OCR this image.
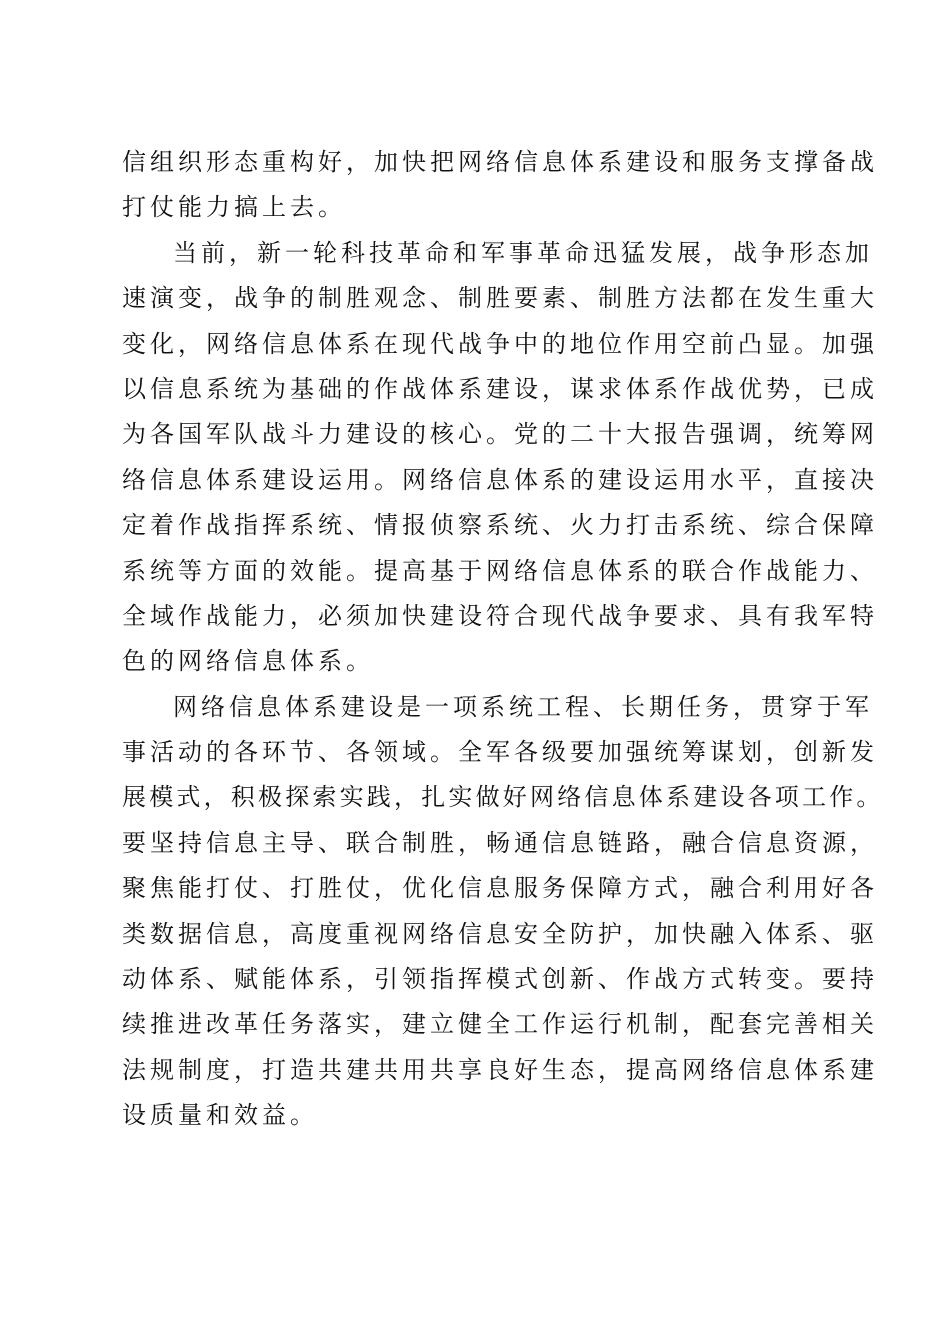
信组织形态重构好，加快把网络信息体系建设和服务支撑备战
打仗能力搞上去。
当前，新一轮科技革命和军事革命迅猛发展，战争形态加
速演变，战争的制胜观念、制胜要素、制胜方法都在发生重大
变化，网络信息体系在现代战争中的地位作用空前凸显。加强
以信息系统为基础的作战体系建设，谋求体系作战优势，已成
为各国军队战斗力建设的核心。党的二十大报告强调，统筹网
络信息体系建设运用。网络信息体系的建设运用水平，直接决
定着作战指挥系统、情报侦察系统、火力打击系统、综合保障
系统等方面的效能。提高基于网络信息体系的联合作战能力、
全域作战能力，必须加快建设符合现代战争要求、具有我军特
色的网络信息体系。
网络信息体系建设是一项系统工程、长期任务，贯穿于军
事活动的各环节、各领域。全军各级要加强统筹谋划，创新发
展模式，积极探索实践，扎实做好网络信息体系建设各项工作。
要坚持信息主导、联合制胜，畅通信息链路，融合信息资源，
聚焦能打仗、打胜仗，优化信息服务保障方式，融合利用好各
类数据信息，高度重视网络信息安全防护，加快融入体系、驱
动体系、赋能体系，引领指挥模式创新、作战方式转变。要持
续推进改革任务落实，建立健全工作运行机制，配套完善相关
法规制度，打造共建共用共享良好生态，提高网络信息体系建
设质量和效益。
